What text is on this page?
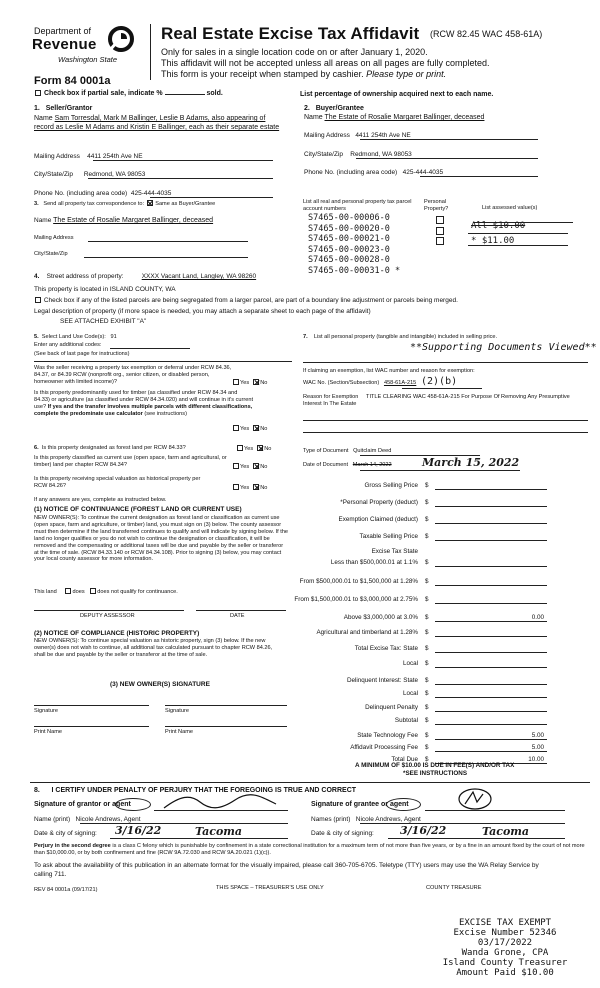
Department of
Revenue
Washington State
Form 84 0001a
Real Estate Excise Tax Affidavit (RCW 82.45 WAC 458-61A)
Only for sales in a single location code on or after January 1, 2020.
This affidavit will not be accepted unless all areas on all pages are fully completed.
This form is your receipt when stamped by cashier. Please type or print.
Check box if partial sale, indicate %	sold.	List percentage of ownership acquired next to each name.
1.   Seller/Grantor
Name Sam Torresdal, Mark M Ballinger, Leslie B Adams, also appearing of record as Leslie M Adams and Kristin E Ballinger, each as their separate estate
Mailing Address 4411 254th Ave NE
City/State/Zip Redmond, WA 98053
Phone No. (including area code) 425-444-4035
2.   Buyer/Grantee
Name The Estate of Rosalie Margaret Ballinger, deceased
Mailing Address 4411 254th Ave NE
City/State/Zip Redmond, WA 98053
Phone No. (including area code) 425-444-4035
3. Send all property tax correspondence to: Same as Buyer/Grantee
Name The Estate of Rosalie Margaret Ballinger, deceased
Mailing Address
City/State/Zip
List all real and personal property tax parcel account numbers
Personal Property?	List assessed value(s)
S7465-00-00006-0
S7465-00-00020-0	All $10.00
S7465-00-00021-0	* $11.00
S7465-00-00023-0
S7465-00-00028-0
S7465-00-00031-0 *
4. Street address of property:	XXXX Vacant Land, Langley, WA 98260
This property is located in ISLAND COUNTY, WA
Check box if any of the listed parcels are being segregated from a larger parcel, are part of a boundary line adjustment or parcels being merged.
Legal description of property (if more space is needed, you may attach a separate sheet to each page of the affidavit)
SEE ATTACHED EXHIBIT "A"
5. Select Land Use Code(s): 91
Enter any additional codes:
(See back of last page for instructions)
Was the seller receiving a property tax exemption or deferral under RCW 84.36, 84.37, or 84.39 RCW (nonprofit org., senior citizen, or disabled person, homeowner with limited income)?	Yes No
Is this property predominantly used for timber (as classified under RCW 84.34 and 84.33) or agriculture (as classified under RCW 84.34.020) and will continue in it's current use? If yes and the transfer involves multiple parcels with different classifications, complete the predominate use calculator (see instructions)
Yes No
6. Is this property designated as forest land per RCW 84.33?	Yes No
Is this property classified as current use (open space, farm and agricultural, or timber) land per chapter RCW 84.34?	Yes No
Is this property receiving special valuation as historical property per RCW 84.26?	Yes No
If any answers are yes, complete as instructed below.
(1) NOTICE OF CONTINUANCE (FOREST LAND OR CURRENT USE)
NEW OWNER(S): To continue the current designation as forest land or classification as current use (open space, farm and agriculture, or timber) land, you must sign on (3) below. The county assessor must then determine if the land transferred continues to qualify and will indicate by signing below. If the land no longer qualifies or you do not wish to continue the designation or classification, it will be removed and the compensating or additional taxes will be due and payable by the seller or transferor at the time of sale. (RCW 84.33.140 or RCW 84.34.108). Prior to signing (3) below, you may contact your local county assessor for more information.
This land	does does not qualify for continuance.
DEPUTY ASSESSOR	DATE
(2) NOTICE OF COMPLIANCE (HISTORIC PROPERTY)
NEW OWNER(S): To continue special valuation as historic property, sign (3) below. If the new owner(s) does not wish to continue, all additional tax calculated pursuant to chapter RCW 84.26, shall be due and payable by the seller or transferor at the time of sale.
(3) NEW OWNER(S) SIGNATURE
Signature	Signature
Print Name	Print Name
7. List all personal property (tangible and intangible) included in selling price.
**Supporting Documents Viewed**
If claiming an exemption, list WAC number and reason for exemption:
WAC No. (Section/Subsection) 458-61A-215 (2)(b)
Reason for Exemption TITLE CLEARING WAC 458-61A-215 For Purpose Of Removing Any Presumptive Interest In The Estate
Type of Document Quitclaim Deed
Date of Document March 14, 2022	March 15, 2022
Gross Selling Price $
*Personal Property (deduct) $
Exemption Claimed (deduct) $
Taxable Selling Price $
Excise Tax State
Less than $500,000.01 at 1.1% $
From $500,000.01 to $1,500,000 at 1.28% $
From $1,500,000.01 to $3,000,000 at 2.75% $
Above $3,000,000 at 3.0% $	0.00
Agricultural and timberland at 1.28% $
Total Excise Tax: State $
Local $
Delinquent Interest: State $
Local $
Delinquent Penalty $
Subtotal $
State Technology Fee $	5.00
Affidavit Processing Fee $	5.00
Total Due $	10.00
A MINIMUM OF $10.00 IS DUE IN FEE(S) AND/OR TAX
*SEE INSTRUCTIONS
8.      I CERTIFY UNDER PENALTY OF PERJURY THAT THE FOREGOING IS TRUE AND CORRECT
Signature of grantor or agent
Name (print) Nicole Andrews, Agent
Date & city of signing: 3/16/22	Tacoma
Signature of grantee or agent
Names (print) Nicole Andrews, Agent
Date & city of signing: 3/16/22	Tacoma
Perjury in the second degree is a class C felony which is punishable by confinement in a state correctional institution for a maximum term of not more than five years, or by a fine in an amount fixed by the court of not more than $10,000.00, or by both confinement and fine (RCW 9A.72.030 and RCW 9A.20.021 (1)(c)).
To ask about the availability of this publication in an alternate format for the visually impaired, please call 360-705-6705. Teletype (TTY) users may use the WA Relay Service by calling 711.
REV 84 0001a (09/17/21)	THIS SPACE – TREASURER'S USE ONLY	COUNTY TREASURE
EXCISE TAX EXEMPT
Excise Number 52346
03/17/2022
Wanda Grone, CPA
Island County Treasurer
Amount Paid $10.00
